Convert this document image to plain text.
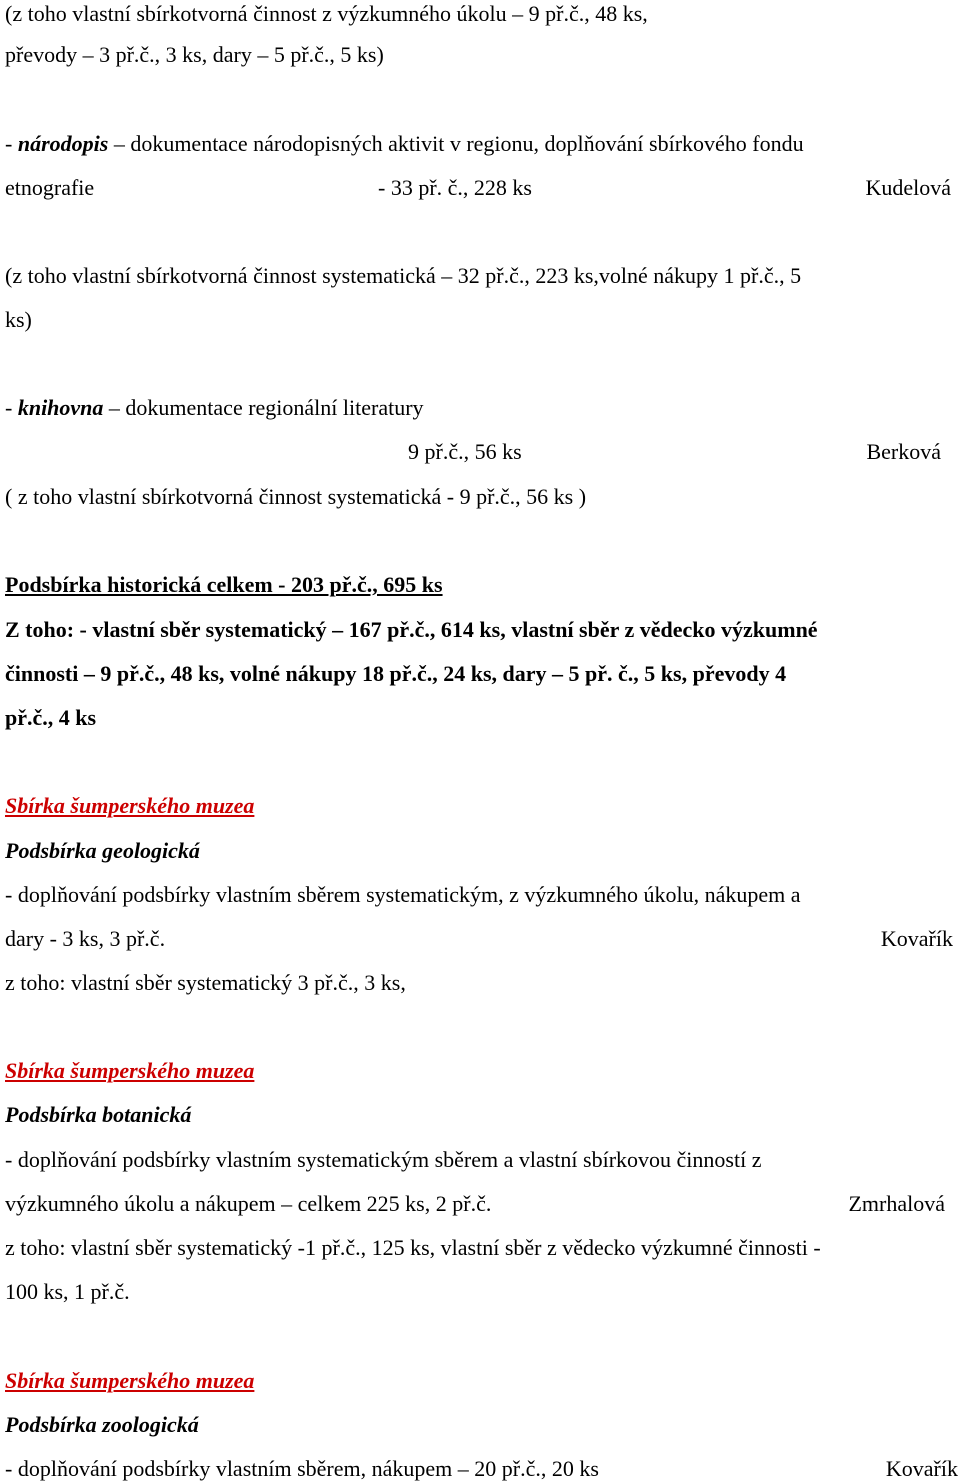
(z toho vlastní sbírkotvorná činnost z výzkumného úkolu – 9 př.č., 48 ks,
převody – 3 př.č., 3 ks, dary – 5 př.č., 5 ks)
- národopis – dokumentace národopisných aktivit v regionu, doplňování sbírkového fondu
etnografie	- 33 př. č., 228 ks	Kudelová
(z toho vlastní sbírkotvorná činnost systematická – 32 př.č., 223 ks,volné nákupy 1 př.č., 5
ks)
- knihovna – dokumentace regionální literatury
9 př.č., 56 ks	Berková
( z toho vlastní sbírkotvorná činnost systematická - 9 př.č., 56 ks )
Podsbírka historická celkem - 203 př.č., 695 ks
Z toho: - vlastní sběr systematický – 167 př.č., 614 ks, vlastní sběr z vědecko výzkumné
činnosti – 9 př.č., 48 ks, volné nákupy 18 př.č., 24 ks, dary – 5 př. č., 5 ks, převody 4
př.č., 4 ks
Sbírka šumperského muzea
Podsbírka geologická
- doplňování podsbírky vlastním sběrem systematickým, z výzkumného úkolu, nákupem a
dary - 3 ks, 3 př.č.	Kovařík
z toho: vlastní sběr systematický 3 př.č., 3 ks,
Sbírka šumperského muzea
Podsbírka botanická
- doplňování podsbírky vlastním systematickým sběrem a vlastní sbírkovou činností z
výzkumného úkolu a nákupem – celkem 225 ks, 2 př.č.	Zmrhalová
z toho: vlastní sběr systematický -1 př.č., 125 ks, vlastní sběr z vědecko výzkumné činnosti -
100 ks, 1 př.č.
Sbírka šumperského muzea
Podsbírka zoologická
- doplňování podsbírky vlastním sběrem, nákupem – 20 př.č., 20 ks	Kovařík
